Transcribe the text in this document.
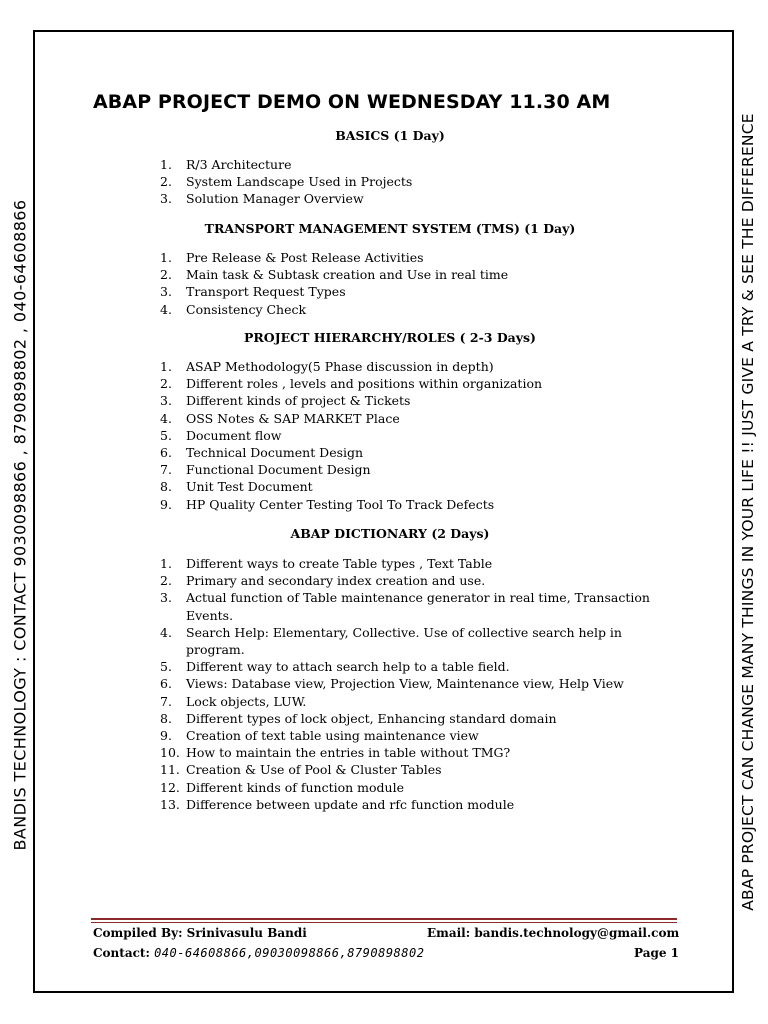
BANDIS TECHNOLOGY : CONTACT 9030098866 , 8790898802 , 040-64608866	ABAP PROJECT CAN CHANGE MANY THINGS IN YOUR LIFE !! JUST GIVE A TRY & SEE THE DIFFERENCE
ABAP PROJECT DEMO ON WEDNESDAY 11.30 AM
BASICS (1 Day)
1. R/3 Architecture
2. System Landscape Used in Projects
3. Solution Manager Overview
TRANSPORT MANAGEMENT SYSTEM (TMS) (1 Day)
1. Pre Release & Post Release Activities
2. Main task & Subtask creation and Use in real time
3. Transport Request Types
4. Consistency Check
PROJECT HIERARCHY/ROLES ( 2-3 Days)
1. ASAP Methodology(5 Phase discussion in depth)
2. Different roles , levels and positions within organization
3. Different kinds of project & Tickets
4. OSS Notes & SAP MARKET Place
5. Document flow
6. Technical Document Design
7. Functional Document Design
8. Unit Test Document
9. HP Quality Center Testing Tool To Track Defects
ABAP DICTIONARY (2 Days)
1. Different ways to create Table types , Text Table
2. Primary and secondary index creation and use.
3. Actual function of Table maintenance generator in real time, Transaction Events.
4. Search Help: Elementary, Collective. Use of collective search help in program.
5. Different way to attach search help to a table field.
6. Views: Database view, Projection View, Maintenance view, Help View
7. Lock objects, LUW.
8. Different types of lock object, Enhancing standard domain
9. Creation of text table using maintenance view
10. How to maintain the entries in table without TMG?
11. Creation & Use of Pool & Cluster Tables
12. Different kinds of function module
13. Difference between update and rfc function module
Compiled By: Srinivasulu Bandi	Email: bandis.technology@gmail.com
Contact: 040-64608866,09030098866,8790898802	Page 1
